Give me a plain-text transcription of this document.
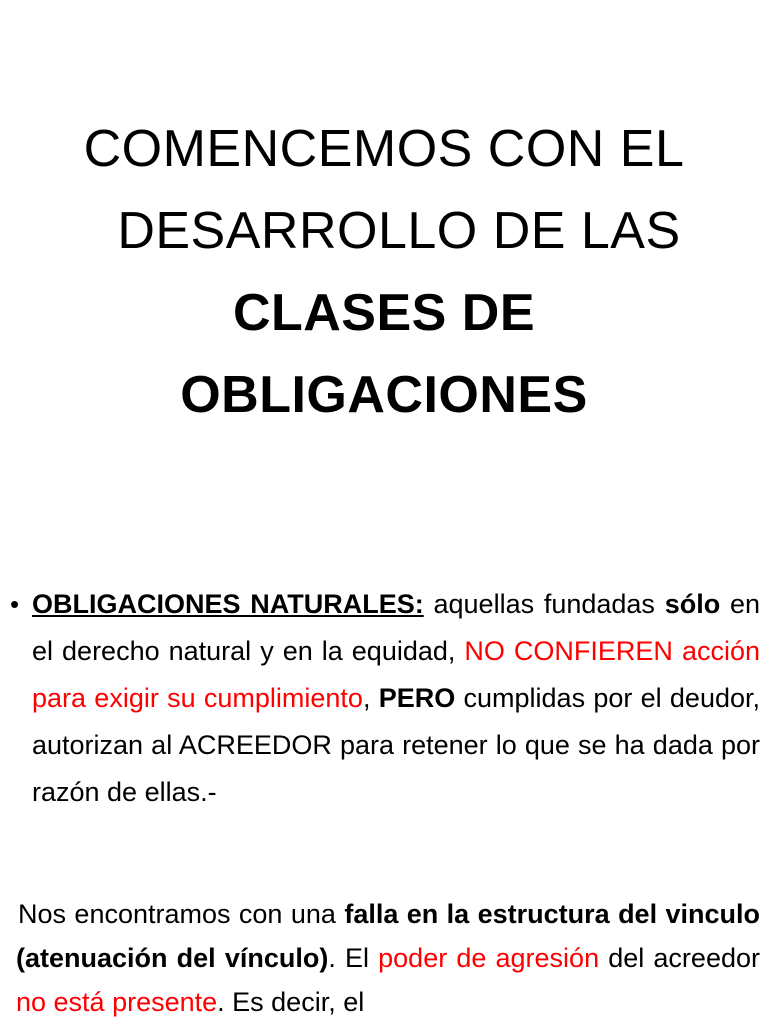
COMENCEMOS CON EL
DESARROLLO DE LAS
CLASES DE
OBLIGACIONES
• OBLIGACIONES NATURALES: aquellas fundadas sólo en el derecho natural y en la equidad, NO CONFIEREN acción para exigir su cumplimiento, PERO cumplidas por el deudor, autorizan al ACREEDOR para retener lo que se ha dada por razón de ellas.-
Nos encontramos con una falla en la estructura del vinculo (atenuación del vínculo). El poder de agresión del acreedor no está presente. Es decir, el
